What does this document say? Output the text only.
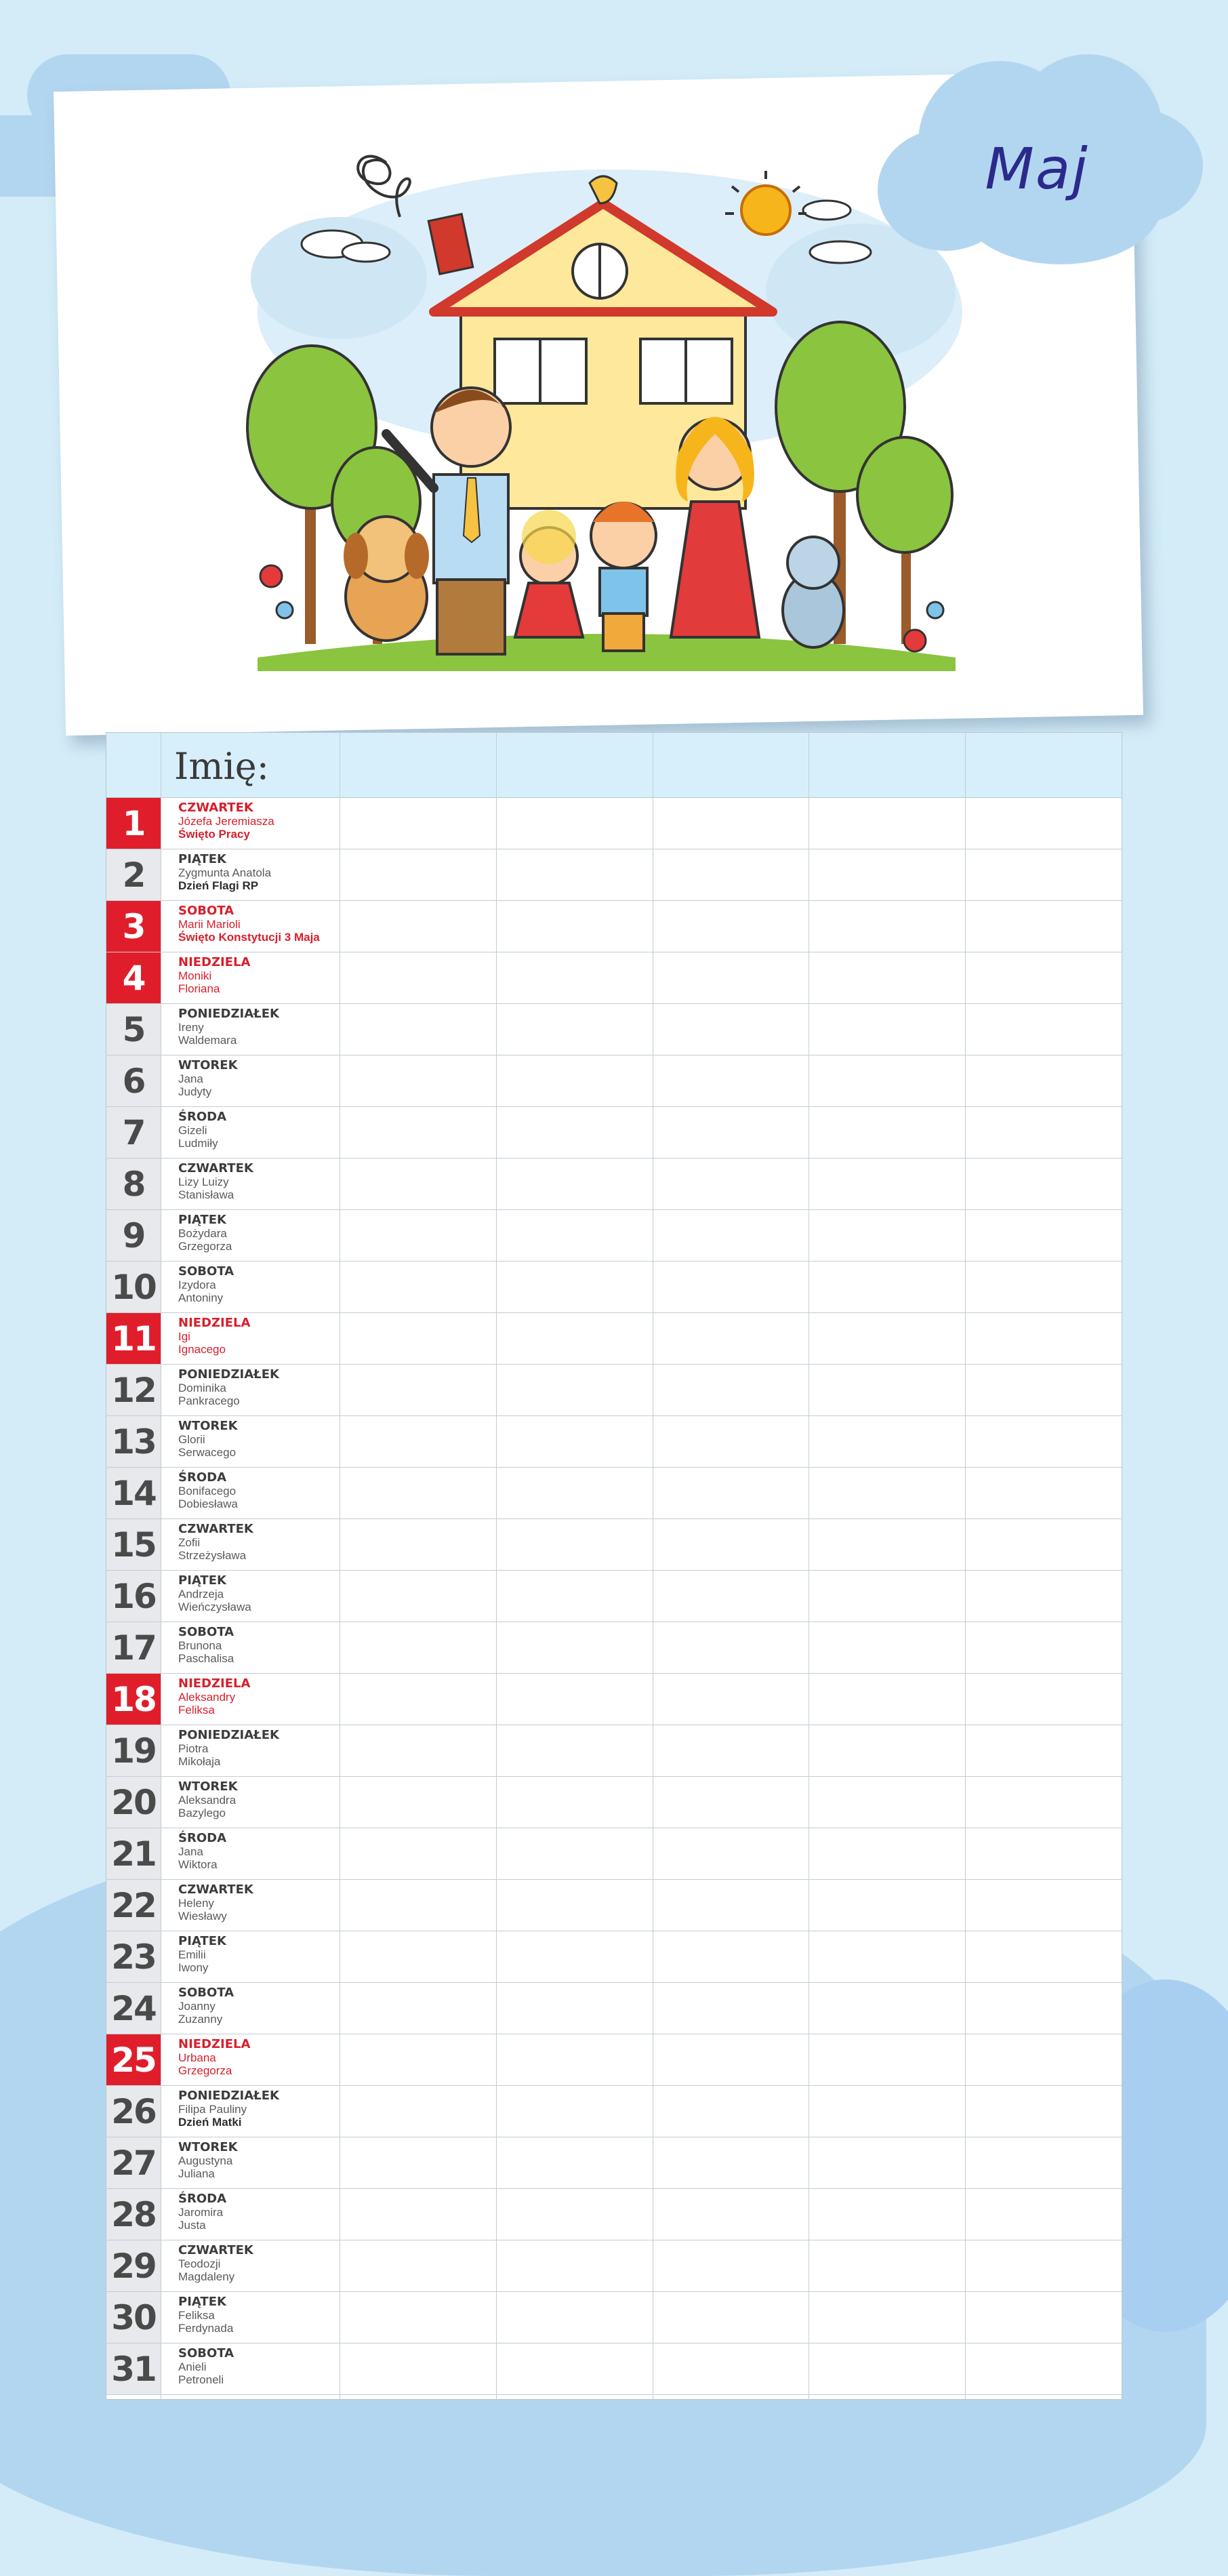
Maj
Imię:
1	CZWARTEK
Józefa Jeremiasza
Święto Pracy
2	PIĄTEK
Zygmunta Anatola
Dzień Flagi RP
3	SOBOTA
Marii Marioli
Święto Konstytucji 3 Maja
4	NIEDZIELA
Moniki
Floriana
5	PONIEDZIAŁEK
Ireny
Waldemara
6	WTOREK
Jana
Judyty
7	ŚRODA
Gizeli
Ludmiły
8	CZWARTEK
Lizy Luizy
Stanisława
9	PIĄTEK
Bożydara
Grzegorza
10	SOBOTA
Izydora
Antoniny
11	NIEDZIELA
Igi
Ignacego
12	PONIEDZIAŁEK
Dominika
Pankracego
13	WTOREK
Glorii
Serwacego
14	ŚRODA
Bonifacego
Dobiesława
15	CZWARTEK
Zofii
Strzeżysława
16	PIĄTEK
Andrzeja
Wieńczysława
17	SOBOTA
Brunona
Paschalisa
18	NIEDZIELA
Aleksandry
Feliksa
19	PONIEDZIAŁEK
Piotra
Mikołaja
20	WTOREK
Aleksandra
Bazylego
21	ŚRODA
Jana
Wiktora
22	CZWARTEK
Heleny
Wiesławy
23	PIĄTEK
Emilii
Iwony
24	SOBOTA
Joanny
Zuzanny
25	NIEDZIELA
Urbana
Grzegorza
26	PONIEDZIAŁEK
Filipa Pauliny
Dzień Matki
27	WTOREK
Augustyna
Juliana
28	ŚRODA
Jaromira
Justa
29	CZWARTEK
Teodozji
Magdaleny
30	PIĄTEK
Feliksa
Ferdynada
31	SOBOTA
Anieli
Petroneli
